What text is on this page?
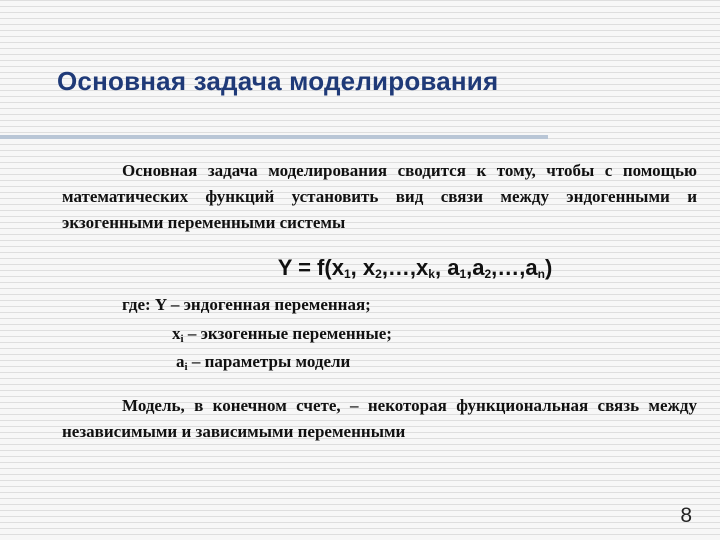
Основная задача моделирования

Основная задача моделирования сводится к тому, чтобы с помощью математических функций установить вид связи между эндогенными и экзогенными переменными системы

$Y = f(x_1$, $x_2,\dots,x_k$, $a_1,a_2,\dots,a_n$)
где: Y – эндогенная переменная;
$x_i$ – экзогенные переменные;
$a_i$ – параметры модели

Модель, в конечном счете, – некоторая функциональная связь между независимыми и зависимыми переменными

8
